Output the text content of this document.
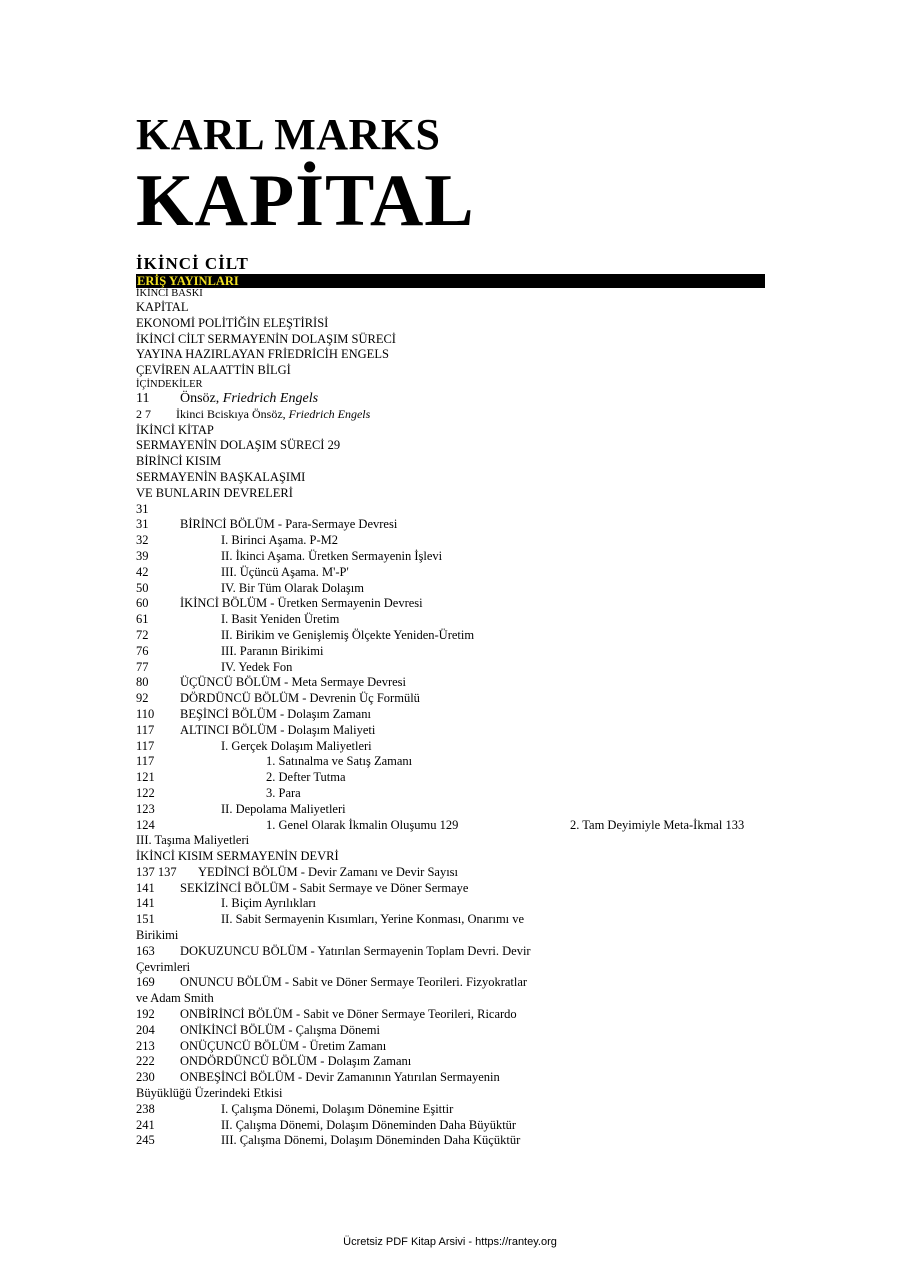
KARL MARKS
KAPİTAL
İKİNCİ CİLT
ERİŞ YAYINLARI
İKİNCİ BASKI
KAPİTAL
EKONOMİ POLİTİĞİN ELEŞTİRİSİ
İKİNCİ CİLT SERMAYENİN DOLAŞIM SÜRECİ
YAYINA HAZIRLAYAN FRİEDRİCİH ENGELS
ÇEVİREN ALAATTİN BİLGİ
İÇİNDEKİLER
11 Önsöz, Friedrich Engels
2 7 İkinci Bciskıya Önsöz, Friedrich Engels
İKİNCİ KİTAP
SERMAYENİN DOLAŞIM SÜRECİ 29
BİRİNCİ KISIM
SERMAYENİN BAŞKALAŞIMI
VE BUNLARIN DEVRELERİ
31
31	BİRİNCİ BÖLÜM - Para-Sermaye Devresi
32	I. Birinci Aşama. P-M2
39	II. İkinci Aşama. Üretken Sermayenin İşlevi
42	III. Üçüncü Aşama. M'-P'
50	IV. Bir Tüm Olarak Dolaşım
60	İKİNCİ BÖLÜM - Üretken Sermayenin Devresi
61	I. Basit Yeniden Üretim
72	II. Birikim ve Genişlemiş Ölçekte Yeniden-Üretim
76	III. Paranın Birikimi
77	IV. Yedek Fon
80	ÜÇÜNCÜ BÖLÜM - Meta Sermaye Devresi
92	DÖRDÜNCÜ BÖLÜM - Devrenin Üç Formülü
110 BEŞİNCİ BÖLÜM - Dolaşım Zamanı
117 ALTINCI BÖLÜM - Dolaşım Maliyeti
117	I. Gerçek Dolaşım Maliyetleri
117	1. Satınalma ve Satış Zamanı
121	2. Defter Tutma
122	3. Para
123	II. Depolama Maliyetleri
124	1. Genel Olarak İkmalin Oluşumu 129	2. Tam Deyimiyle Meta-İkmal 133
III. Taşıma Maliyetleri
İKİNCİ KISIM SERMAYENİN DEVRİ
137 137 YEDİNCİ BÖLÜM - Devir Zamanı ve Devir Sayısı
141 SEKİZİNCİ BÖLÜM - Sabit Sermaye ve Döner Sermaye
141	I. Biçim Ayrılıkları
151	II. Sabit Sermayenin Kısımları, Yerine Konması, Onarımı ve
Birikimi
163 DOKUZUNCU BÖLÜM - Yatırılan Sermayenin Toplam Devri. Devir
Çevrimleri
169 ONUNCU BÖLÜM - Sabit ve Döner Sermaye Teorileri. Fizyokratlar
ve Adam Smith
192 ONBİRİNCİ BÖLÜM - Sabit ve Döner Sermaye Teorileri, Ricardo
204 ONİKİNCİ BÖLÜM - Çalışma Dönemi
213 ONÜÇUNCÜ BÖLÜM - Üretim Zamanı
222 ONDÖRDÜNCÜ BÖLÜM - Dolaşım Zamanı
230 ONBEŞİNCİ BÖLÜM - Devir Zamanının Yatırılan Sermayenin
Büyüklüğü Üzerindeki Etkisi
238	I. Çalışma Dönemi, Dolaşım Dönemine Eşittir
241	II. Çalışma Dönemi, Dolaşım Döneminden Daha Büyüktür
245	III. Çalışma Dönemi, Dolaşım Döneminden Daha Küçüktür
Ücretsiz PDF Kitap Arsivi - https://rantey.org
